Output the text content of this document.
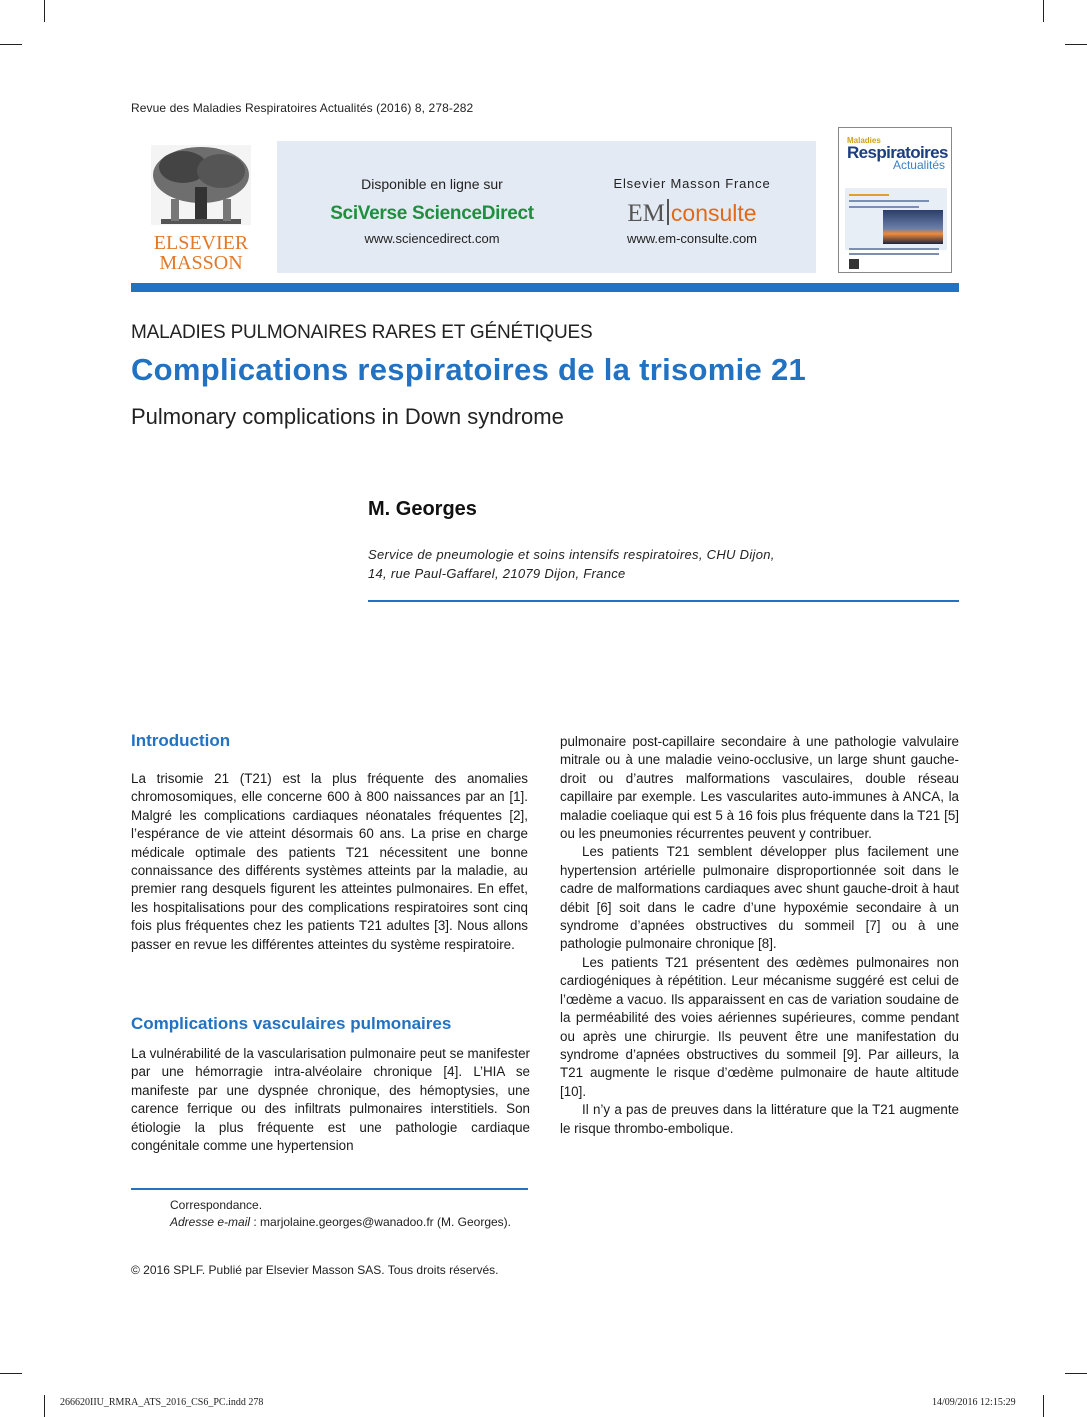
Revue des Maladies Respiratoires Actualités (2016) 8, 278-282
ELSEVIER
MASSON
Disponible en ligne sur
SciVerse ScienceDirect
www.sciencedirect.com
Elsevier Masson France
EM consulte
www.em-consulte.com
Maladies
Respiratoires
Actualités
MALADIES PULMONAIRES RARES ET GÉNÉTIQUES
Complications respiratoires de la trisomie 21
Pulmonary complications in Down syndrome
M. Georges
Service de pneumologie et soins intensifs respiratoires, CHU Dijon,
14, rue Paul-Gaffarel, 21079 Dijon, France
Introduction

La trisomie 21 (T21) est la plus fréquente des anomalies chromosomiques, elle concerne 600 à 800 naissances par an [1]. Malgré les complications cardiaques néonatales fréquentes [2], l’espérance de vie atteint désormais 60 ans. La prise en charge médicale optimale des patients T21 nécessitent une bonne connaissance des différents systèmes atteints par la maladie, au premier rang desquels figurent les atteintes pulmonaires. En effet, les hospitalisations pour des complications respiratoires sont cinq fois plus fréquentes chez les patients T21 adultes [3]. Nous allons passer en revue les différentes atteintes du système respiratoire.

Complications vasculaires pulmonaires

La vulnérabilité de la vascularisation pulmonaire peut se manifester par une hémorragie intra-alvéolaire chronique [4]. L’HIA se manifeste par une dyspnée chronique, des hémoptysies, une carence ferrique ou des infiltrats pulmonaires interstitiels. Son étiologie la plus fréquente est une pathologie cardiaque congénitale comme une hypertension

pulmonaire post-capillaire secondaire à une pathologie valvulaire mitrale ou à une maladie veino-occlusive, un large shunt gauche-droit ou d’autres malformations vasculaires, double réseau capillaire par exemple. Les vascularites auto-immunes à ANCA, la maladie coeliaque qui est 5 à 16 fois plus fréquente dans la T21 [5] ou les pneumonies récurrentes peuvent y contribuer.

Les patients T21 semblent développer plus facilement une hypertension artérielle pulmonaire disproportionnée soit dans le cadre de malformations cardiaques avec shunt gauche-droit à haut débit [6] soit dans le cadre d’une hypoxémie secondaire à un syndrome d’apnées obstructives du sommeil [7] ou à une pathologie pulmonaire chronique [8].

Les patients T21 présentent des œdèmes pulmonaires non cardiogéniques à répétition. Leur mécanisme suggéré est celui de l’œdème a vacuo. Ils apparaissent en cas de variation soudaine de la perméabilité des voies aériennes supérieures, comme pendant ou après une chirurgie. Ils peuvent être une manifestation du syndrome d’apnées obstructives du sommeil [9]. Par ailleurs, la T21 augmente le risque d’œdème pulmonaire de haute altitude [10].

Il n’y a pas de preuves dans la littérature que la T21 augmente le risque thrombo-embolique.

Correspondance.
Adresse e-mail : marjolaine.georges@wanadoo.fr (M. Georges).
© 2016 SPLF. Publié par Elsevier Masson SAS. Tous droits réservés.
266620IIU_RMRA_ATS_2016_CS6_PC.indd 278	14/09/2016 12:15:29
